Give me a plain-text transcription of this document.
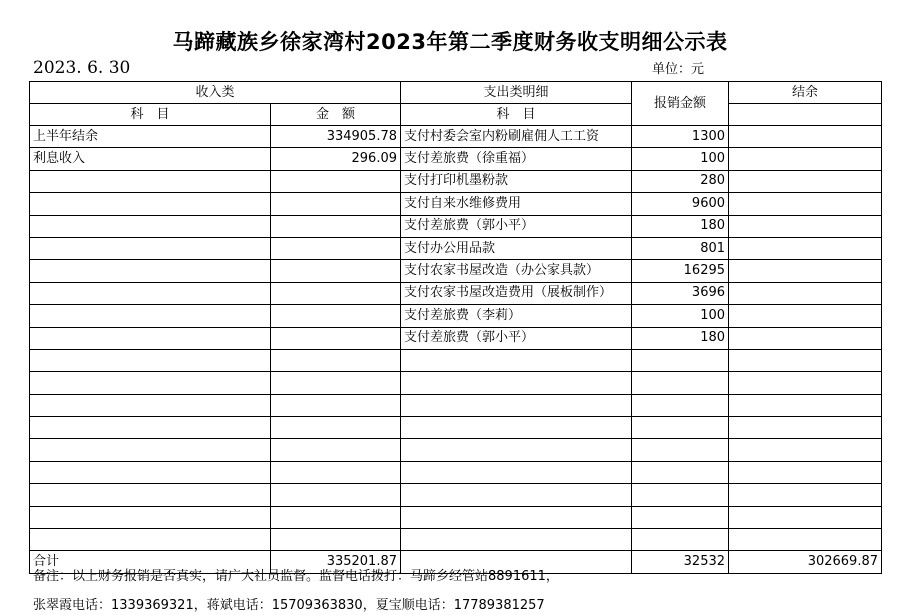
马蹄藏族乡徐家湾村2023年第二季度财务收支明细公示表
2023. 6. 30	单位：元
收入类		支出类明细	报销金额	结余
科　目	金　额	科　目		
上半年结余	334905.78	支付村委会室内粉刷雇佣人工工资	1300	
利息收入	296.09	支付差旅费（徐重福）	100	
		支付打印机墨粉款	280	
		支付自来水维修费用	9600	
		支付差旅费（郭小平）	180	
		支付办公用品款	801	
		支付农家书屋改造（办公家具款）	16295	
		支付农家书屋改造费用（展板制作）	3696	
		支付差旅费（李莉）	100	
		支付差旅费（郭小平）	180	

合计	335201.87		32532	302669.87
备注：以上财务报销是否真实，请广大社员监督。监督电话拨打：马蹄乡经管站8891611，
张翠霞电话：1339369321，蒋斌电话：15709363830，夏宝顺电话：17789381257
